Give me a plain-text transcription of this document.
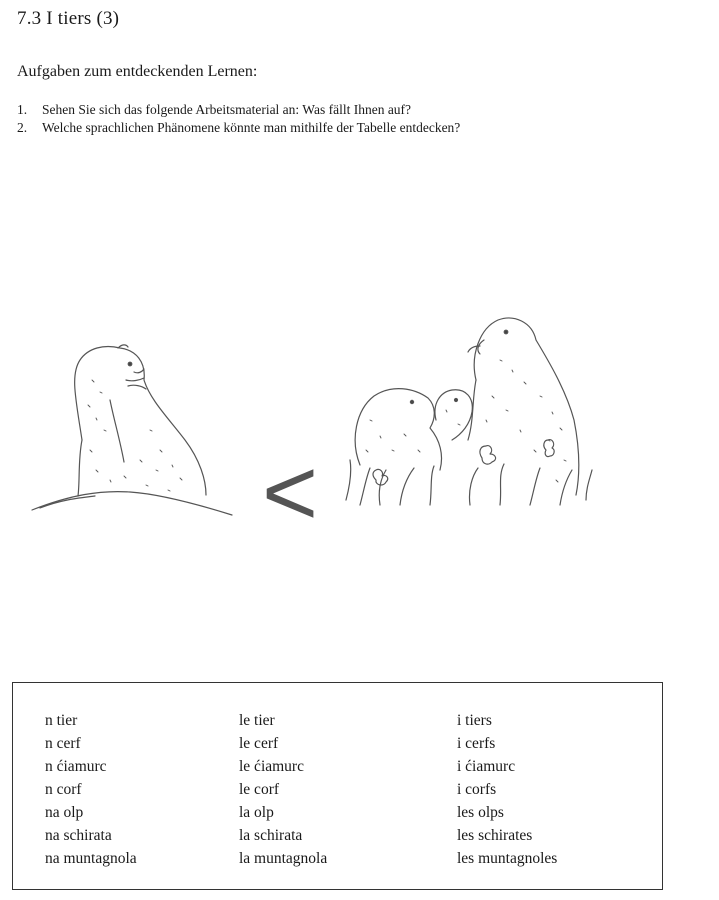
7.3 I tiers (3)
Aufgaben zum entdeckenden Lernen:
1.	Sehen Sie sich das folgende Arbeitsmaterial an: Was fällt Ihnen auf?
2.	Welche sprachlichen Phänomene könnte man mithilfe der Tabelle entdecken?
<
n tier
n cerf
n ćiamurc
n corf
na olp
na schirata
na muntagnola
le tier
le cerf
le ćiamurc
le corf
la olp
la schirata
la muntagnola
i tiers
i cerfs
i ćiamurc
i corfs
les olps
les schirates
les muntagnoles
